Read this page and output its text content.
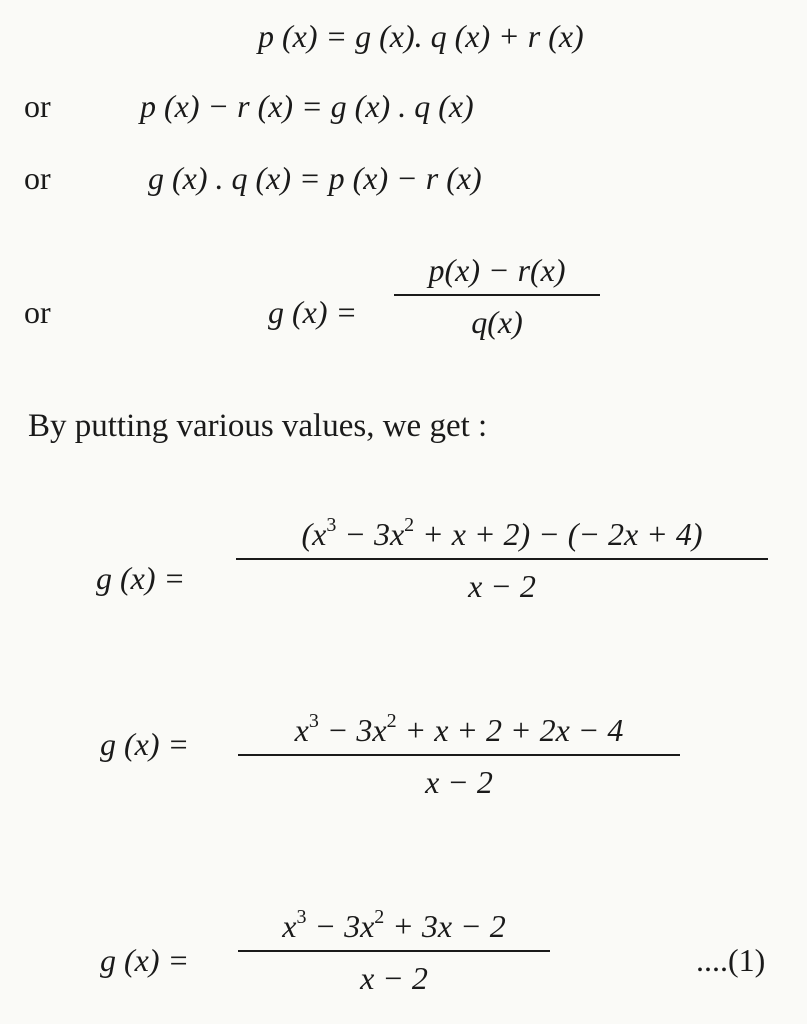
p (x) = g (x). q (x) + r (x)
or	p (x) − r (x) = g (x) . q (x)
or	g (x) . q (x) = p (x) − r (x)
or	g (x) =
p(x) − r(x)
q(x)
By putting various values, we get :
g (x) =
$(x^3 - 3x^2 + x + 2)$ − (− 2x + 4)
x − 2
g (x) =	$x^3 - 3x^2 + x + 2 + 2x - 4$
x − 2
g (x) =
$x^3 - 3x^2 + 3x - 2$
x − 2	....(1)
